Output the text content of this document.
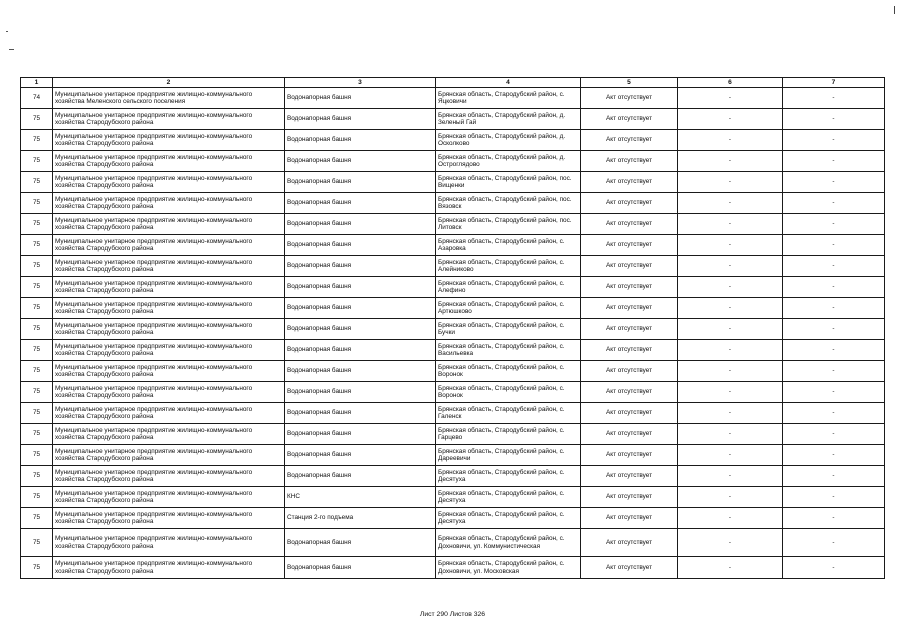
1	2	3	4	5	6	7
74	Муниципальное унитарное предприятие жилищно-коммунального хозяйства Меленского сельского поселения	Водонапорная башня	Брянская область, Стародубский район, с. Яцковичи	Акт отсутствует	-	-
75	Муниципальное унитарное предприятие жилищно-коммунального хозяйства Стародубского района	Водонапорная башня	Брянская область, Стародубский район, д. Зеленый Гай	Акт отсутствует	-	-
75	Муниципальное унитарное предприятие жилищно-коммунального хозяйства Стародубского района	Водонапорная башня	Брянская область, Стародубский район, д. Осколково	Акт отсутствует	-	-
75	Муниципальное унитарное предприятие жилищно-коммунального хозяйства Стародубского района	Водонапорная башня	Брянская область, Стародубский район, д. Остроглядово	Акт отсутствует	-	-
75	Муниципальное унитарное предприятие жилищно-коммунального хозяйства Стародубского района	Водонапорная башня	Брянская область, Стародубский район, пос. Вищенки	Акт отсутствует	-	-
75	Муниципальное унитарное предприятие жилищно-коммунального хозяйства Стародубского района	Водонапорная башня	Брянская область, Стародубский район, пос. Вязовск	Акт отсутствует	-	-
75	Муниципальное унитарное предприятие жилищно-коммунального хозяйства Стародубского района	Водонапорная башня	Брянская область, Стародубский район, пос. Литовск	Акт отсутствует	-	-
75	Муниципальное унитарное предприятие жилищно-коммунального хозяйства Стародубского района	Водонапорная башня	Брянская область, Стародубский район, с. Азаровка	Акт отсутствует	-	-
75	Муниципальное унитарное предприятие жилищно-коммунального хозяйства Стародубского района	Водонапорная башня	Брянская область, Стародубский район, с. Алейниково	Акт отсутствует	-	-
75	Муниципальное унитарное предприятие жилищно-коммунального хозяйства Стародубского района	Водонапорная башня	Брянская область, Стародубский район, с. Алефино	Акт отсутствует	-	-
75	Муниципальное унитарное предприятие жилищно-коммунального хозяйства Стародубского района	Водонапорная башня	Брянская область, Стародубский район, с. Артюшково	Акт отсутствует	-	-
75	Муниципальное унитарное предприятие жилищно-коммунального хозяйства Стародубского района	Водонапорная башня	Брянская область, Стародубский район, с. Бучки	Акт отсутствует	-	-
75	Муниципальное унитарное предприятие жилищно-коммунального хозяйства Стародубского района	Водонапорная башня	Брянская область, Стародубский район, с. Васильевка	Акт отсутствует	-	-
75	Муниципальное унитарное предприятие жилищно-коммунального хозяйства Стародубского района	Водонапорная башня	Брянская область, Стародубский район, с. Воронок	Акт отсутствует	-	-
75	Муниципальное унитарное предприятие жилищно-коммунального хозяйства Стародубского района	Водонапорная башня	Брянская область, Стародубский район, с. Воронок	Акт отсутствует	-	-
75	Муниципальное унитарное предприятие жилищно-коммунального хозяйства Стародубского района	Водонапорная башня	Брянская область, Стародубский район, с. Галенск	Акт отсутствует	-	-
75	Муниципальное унитарное предприятие жилищно-коммунального хозяйства Стародубского района	Водонапорная башня	Брянская область, Стародубский район, с. Гарцево	Акт отсутствует	-	-
75	Муниципальное унитарное предприятие жилищно-коммунального хозяйства Стародубского района	Водонапорная башня	Брянская область, Стародубский район, с. Дареевичи	Акт отсутствует	-	-
75	Муниципальное унитарное предприятие жилищно-коммунального хозяйства Стародубского района	Водонапорная башня	Брянская область, Стародубский район, с. Десятуха	Акт отсутствует	-	-
75	Муниципальное унитарное предприятие жилищно-коммунального хозяйства Стародубского района	КНС	Брянская область, Стародубский район, с. Десятуха	Акт отсутствует	-	-
75	Муниципальное унитарное предприятие жилищно-коммунального хозяйства Стародубского района	Станция 2-го подъема	Брянская область, Стародубский район, с. Десятуха	Акт отсутствует	-	-
75	Муниципальное унитарное предприятие жилищно-коммунального хозяйства Стародубского района	Водонапорная башня	Брянская область, Стародубский район, с. Дохновичи, ул. Коммунистическая	Акт отсутствует	-	-
75	Муниципальное унитарное предприятие жилищно-коммунального хозяйства Стародубского района	Водонапорная башня	Брянская область, Стародубский район, с. Дохновичи, ул. Московская	Акт отсутствует	-	-
Лист 290 Листов 326
